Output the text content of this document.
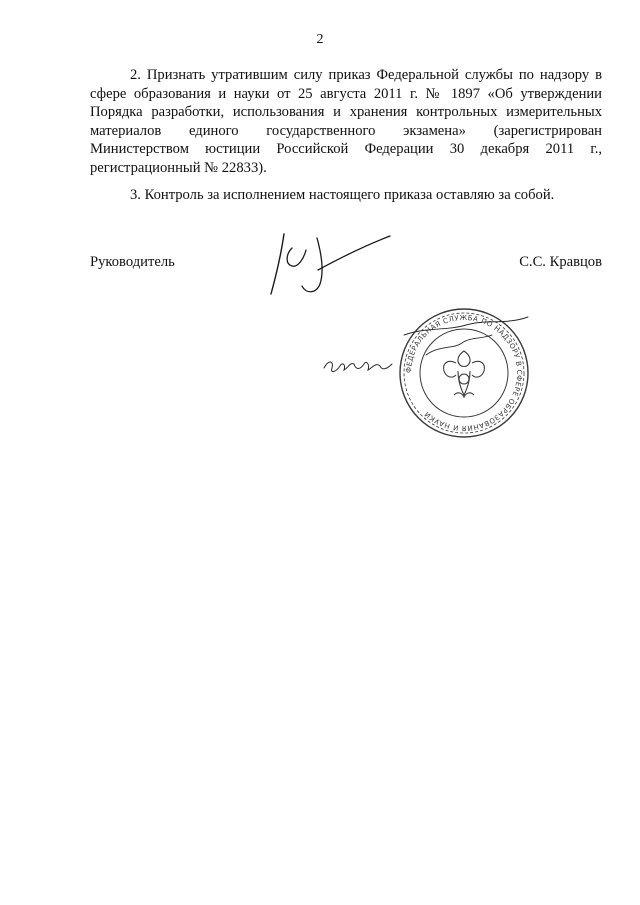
2

2. Признать утратившим силу приказ Федеральной службы по надзору в сфере образования и науки от 25 августа 2011 г. № 1897 «Об утверждении Порядка разработки, использования и хранения контрольных измерительных материалов единого государственного экзамена» (зарегистрирован Министерством юстиции Российской Федерации 30 декабря 2011 г., регистрационный № 22833).

3. Контроль за исполнением настоящего приказа оставляю за собой.

Руководитель	С.С. Кравцов
ФЕДЕРАЛЬНАЯ СЛУЖБА ПО НАДЗОРУ В СФЕРЕ ОБРАЗОВАНИЯ И НАУКИ
